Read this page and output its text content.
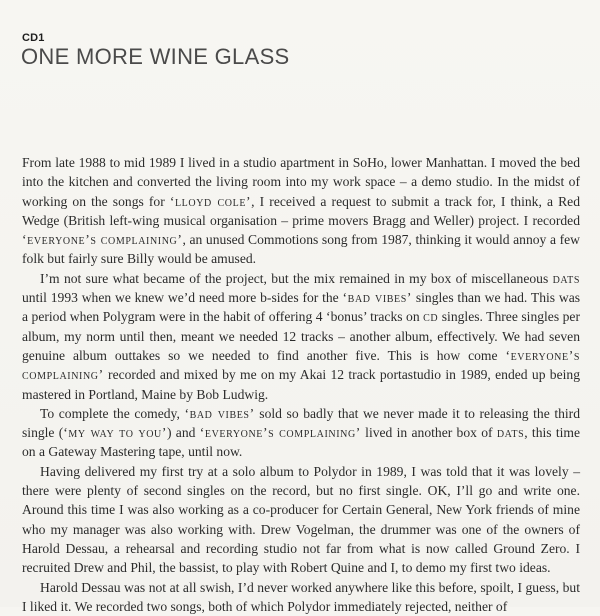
CD1
ONE MORE WINE GLASS

From late 1988 to mid 1989 I lived in a studio apartment in SoHo, lower Manhattan. I moved the bed into the kitchen and converted the living room into my work space – a demo studio. In the midst of working on the songs for ‘lloyd cole’, I received a request to submit a track for, I think, a Red Wedge (British left-wing musical organisation – prime movers Bragg and Weller) project. I recorded ‘everyone’s complaining’, an unused Commotions song from 1987, thinking it would annoy a few folk but fairly sure Billy would be amused.

I’m not sure what became of the project, but the mix remained in my box of miscellaneous dats until 1993 when we knew we’d need more b-sides for the ‘bad vibes’ singles than we had. This was a period when Polygram were in the habit of offering 4 ‘bonus’ tracks on cd singles. Three singles per album, my norm until then, meant we needed 12 tracks – another album, effectively. We had seven genuine album outtakes so we needed to find another five. This is how come ‘everyone’s complaining’ recorded and mixed by me on my Akai 12 track portastudio in 1989, ended up being mastered in Portland, Maine by Bob Ludwig.

To complete the comedy, ‘bad vibes’ sold so badly that we never made it to releasing the third single (‘my way to you’) and ‘everyone’s complaining’ lived in another box of dats, this time on a Gateway Mastering tape, until now.

Having delivered my first try at a solo album to Polydor in 1989, I was told that it was lovely – there were plenty of second singles on the record, but no first single. OK, I’ll go and write one. Around this time I was also working as a co-producer for Certain General, New York friends of mine who my manager was also working with. Drew Vogelman, the drummer was one of the owners of Harold Dessau, a rehearsal and recording studio not far from what is now called Ground Zero. I recruited Drew and Phil, the bassist, to play with Robert Quine and I, to demo my first two ideas.

Harold Dessau was not at all swish, I’d never worked anywhere like this before, spoilt, I guess, but I liked it. We recorded two songs, both of which Polydor immediately rejected, neither of
